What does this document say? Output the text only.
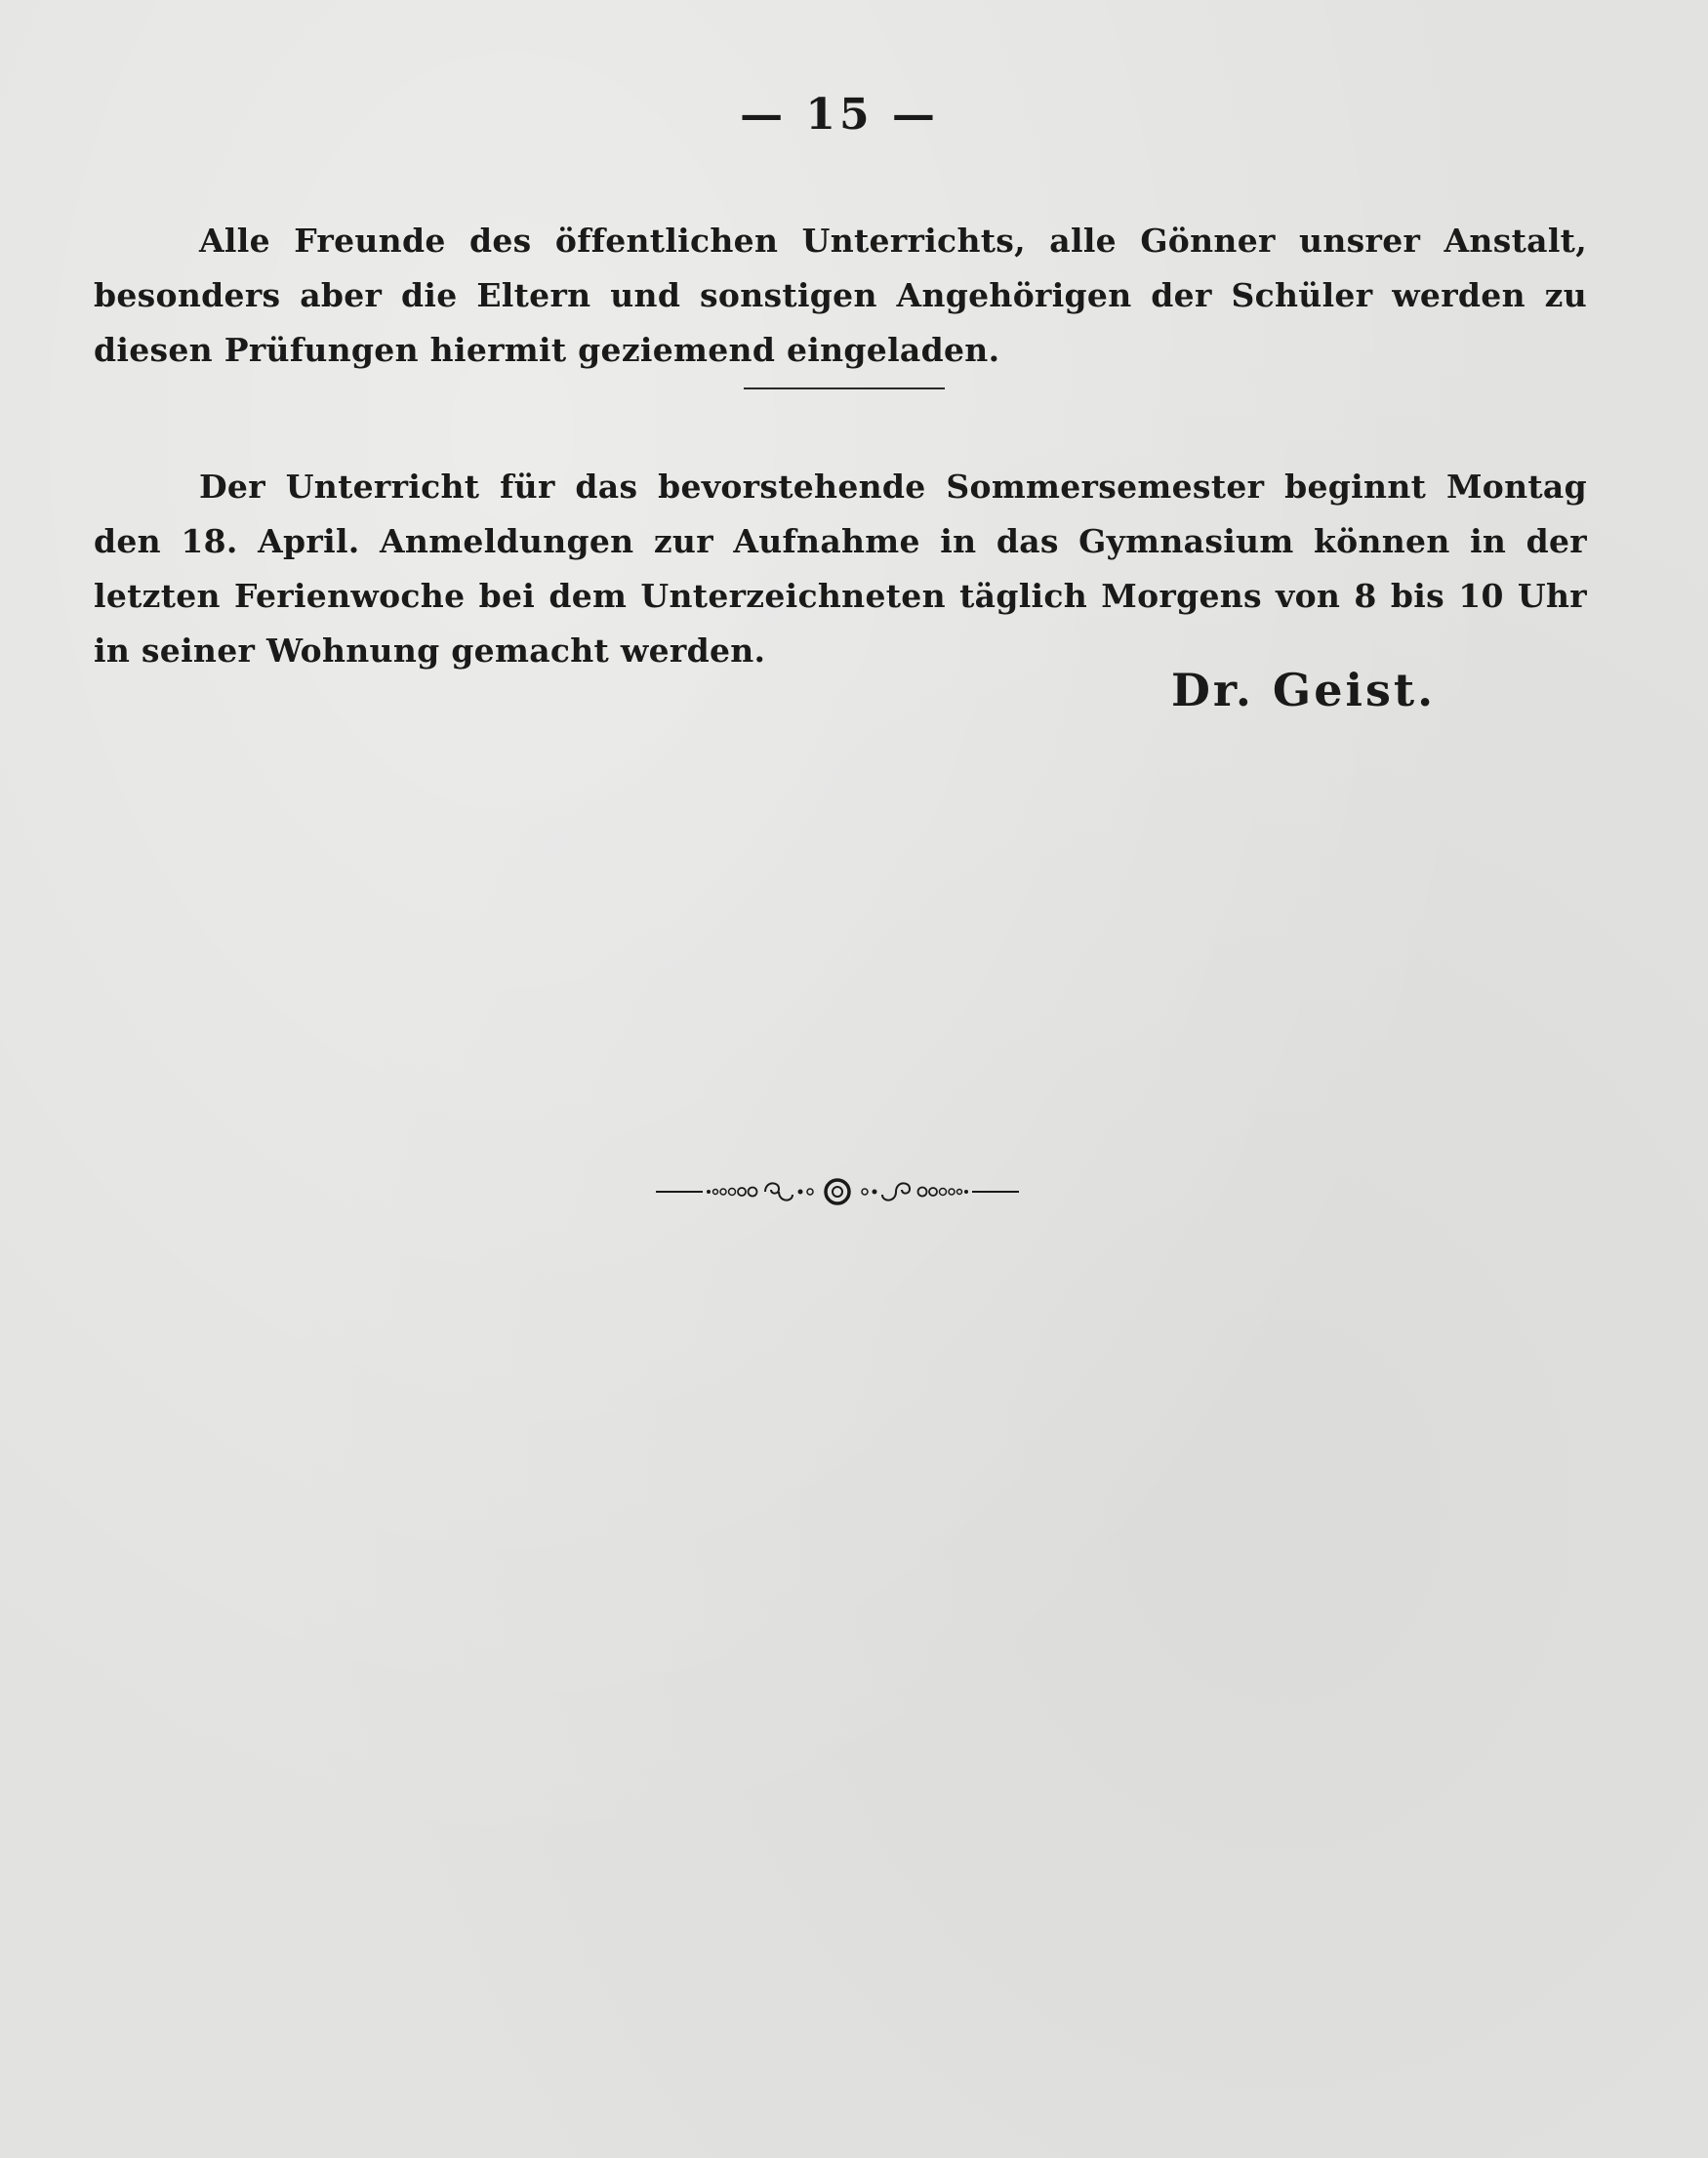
— 15 —

Alle Freunde des öffentlichen Unterrichts, alle Gönner unsrer Anstalt, besonders aber die Eltern und sonstigen Angehörigen der Schüler werden zu diesen Prüfungen hiermit geziemend eingeladen.

Der Unterricht für das bevorstehende Sommersemester beginnt Montag den 18. April. Anmeldungen zur Aufnahme in das Gymnasium können in der letzten Ferienwoche bei dem Unterzeichneten täglich Morgens von 8 bis 10 Uhr in seiner Wohnung gemacht werden.

Dr. Geist.
